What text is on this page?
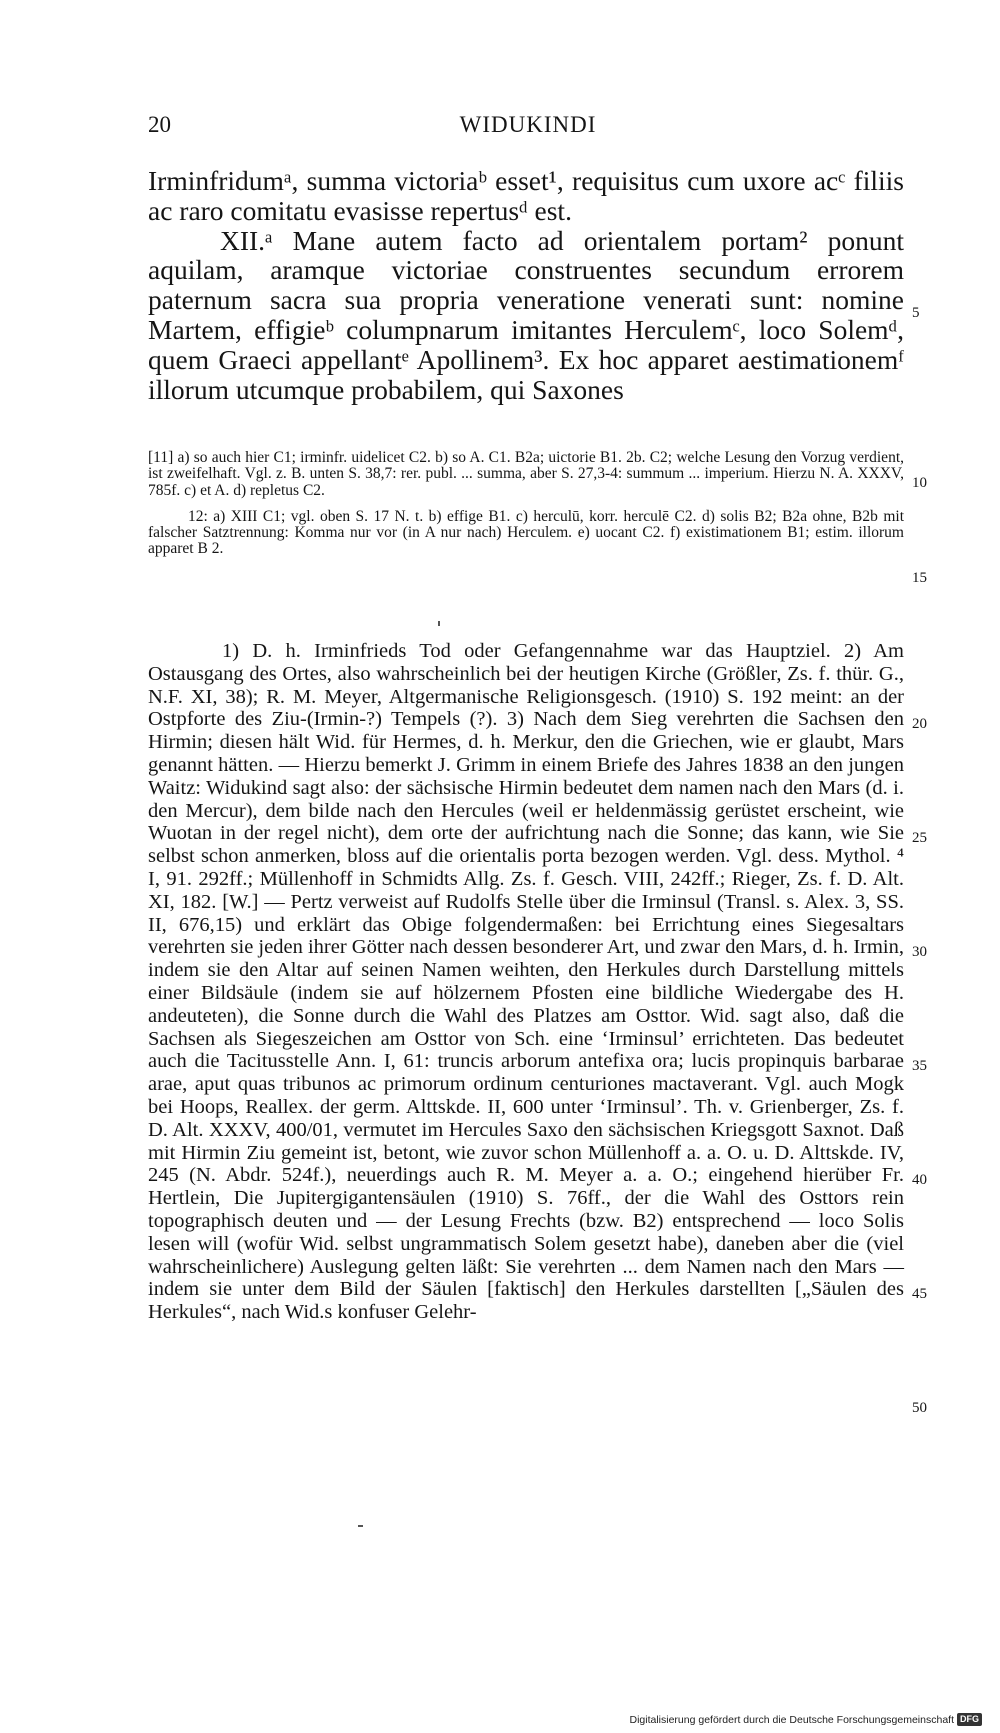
20	WIDUKINDI

Irminfridumᵃ, summa victoriaᵇ esset¹, requisitus cum uxore acᶜ filiis ac raro comitatu evasisse repertusᵈ est.

XII.ᵃ Mane autem facto ad orientalem portam² ponunt aquilam, aramque victoriae construentes secundum errorem paternum sacra sua propria veneratione venerati sunt: nomine Martem, effigieᵇ columpnarum imitantes Herculemᶜ, loco Solemᵈ, quem Graeci appellantᵉ Apollinem³. Ex hoc apparet aestimationemᶠ illorum utcumque probabilem, qui Saxones

[11] a) so auch hier C1; irminfr. uidelicet C2. b) so A. C1. B2a; uictorie B1. 2b. C2; welche Lesung den Vorzug verdient, ist zweifelhaft. Vgl. z. B. unten S. 38,7: rer. publ. ... summa, aber S. 27,3-4: summum ... imperium. Hierzu N. A. XXXV, 785f. c) et A. d) repletus C2.

12: a) XIII C1; vgl. oben S. 17 N. t. b) effige B1. c) herculū, korr. herculē C2. d) solis B2; B2a ohne, B2b mit falscher Satztrennung: Komma nur vor (in A nur nach) Herculem. e) uocant C2. f) existimationem B1; estim. illorum apparet B 2.

1) D. h. Irminfrieds Tod oder Gefangennahme war das Hauptziel. 2) Am Ostausgang des Ortes, also wahrscheinlich bei der heutigen Kirche (Größler, Zs. f. thür. G., N.F. XI, 38); R. M. Meyer, Altgermanische Religionsgesch. (1910) S. 192 meint: an der Ostpforte des Ziu-(Irmin-?) Tempels (?). 3) Nach dem Sieg verehrten die Sachsen den Hirmin; diesen hält Wid. für Hermes, d. h. Merkur, den die Griechen, wie er glaubt, Mars genannt hätten. — Hierzu bemerkt J. Grimm in einem Briefe des Jahres 1838 an den jungen Waitz: Widukind sagt also: der sächsische Hirmin bedeutet dem namen nach den Mars (d. i. den Mercur), dem bilde nach den Hercules (weil er heldenmässig gerüstet erscheint, wie Wuotan in der regel nicht), dem orte der aufrichtung nach die Sonne; das kann, wie Sie selbst schon anmerken, bloss auf die orientalis porta bezogen werden. Vgl. dess. Mythol. ⁴ I, 91. 292ff.; Müllenhoff in Schmidts Allg. Zs. f. Gesch. VIII, 242ff.; Rieger, Zs. f. D. Alt. XI, 182. [W.] — Pertz verweist auf Rudolfs Stelle über die Irminsul (Transl. s. Alex. 3, SS. II, 676,15) und erklärt das Obige folgendermaßen: bei Errichtung eines Siegesaltars verehrten sie jeden ihrer Götter nach dessen besonderer Art, und zwar den Mars, d. h. Irmin, indem sie den Altar auf seinen Namen weihten, den Herkules durch Darstellung mittels einer Bildsäule (indem sie auf hölzernem Pfosten eine bildliche Wiedergabe des H. andeuteten), die Sonne durch die Wahl des Platzes am Osttor. Wid. sagt also, daß die Sachsen als Siegeszeichen am Osttor von Sch. eine ‘Irminsul’ errichteten. Das bedeutet auch die Tacitusstelle Ann. I, 61: truncis arborum antefixa ora; lucis propinquis barbarae arae, aput quas tribunos ac primorum ordinum centuriones mactaverant. Vgl. auch Mogk bei Hoops, Reallex. der germ. Alttskde. II, 600 unter ‘Irminsul’. Th. v. Grienberger, Zs. f. D. Alt. XXXV, 400/01, vermutet im Hercules Saxo den sächsischen Kriegsgott Saxnot. Daß mit Hirmin Ziu gemeint ist, betont, wie zuvor schon Müllenhoff a. a. O. u. D. Alttskde. IV, 245 (N. Abdr. 524f.), neuerdings auch R. M. Meyer a. a. O.; eingehend hierüber Fr. Hertlein, Die Jupitergigantensäulen (1910) S. 76ff., der die Wahl des Osttors rein topographisch deuten und — der Lesung Frechts (bzw. B2) entsprechend — loco Solis lesen will (wofür Wid. selbst ungrammatisch Solem gesetzt habe), daneben aber die (viel wahrscheinlichere) Auslegung gelten läßt: Sie verehrten ... dem Namen nach den Mars — indem sie unter dem Bild der Säulen [faktisch] den Herkules darstellten [„Säulen des Herkules“, nach Wid.s konfuser Gelehr-

5
10
15
20
25
30
35
40
45
50
Digitalisierung gefördert durch die Deutsche Forschungsgemeinschaft DFG
